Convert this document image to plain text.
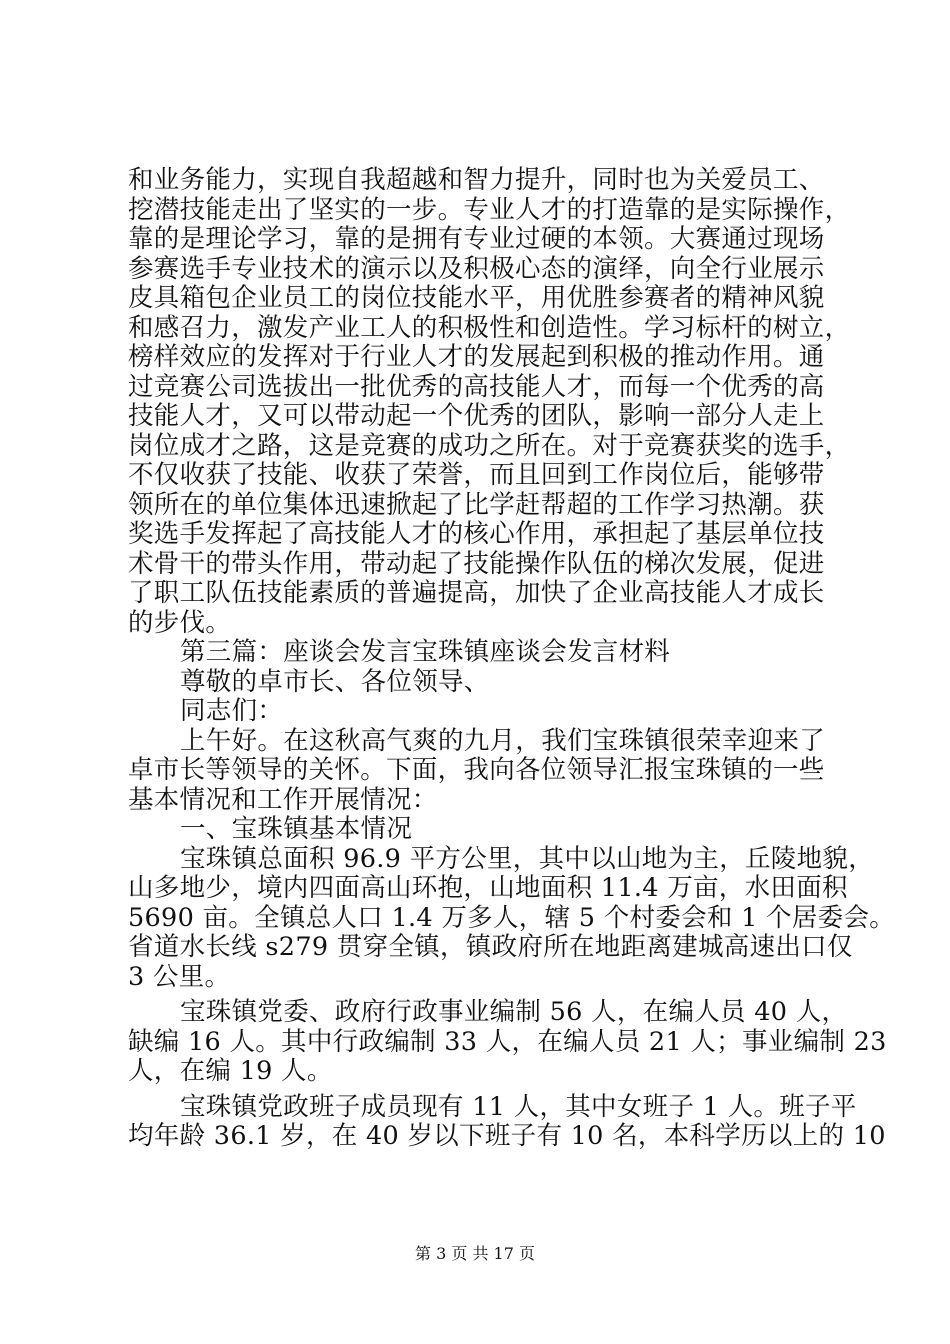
和业务能力，实现自我超越和智力提升，同时也为关爱员工、
挖潜技能走出了坚实的一步。专业人才的打造靠的是实际操作，
靠的是理论学习，靠的是拥有专业过硬的本领。大赛通过现场
参赛选手专业技术的演示以及积极心态的演绎，向全行业展示
皮具箱包企业员工的岗位技能水平，用优胜参赛者的精神风貌
和感召力，激发产业工人的积极性和创造性。学习标杆的树立，
榜样效应的发挥对于行业人才的发展起到积极的推动作用。通
过竞赛公司选拔出一批优秀的高技能人才，而每一个优秀的高
技能人才，又可以带动起一个优秀的团队，影响一部分人走上
岗位成才之路，这是竞赛的成功之所在。对于竞赛获奖的选手，
不仅收获了技能、收获了荣誉，而且回到工作岗位后，能够带
领所在的单位集体迅速掀起了比学赶帮超的工作学习热潮。获
奖选手发挥起了高技能人才的核心作用，承担起了基层单位技
术骨干的带头作用，带动起了技能操作队伍的梯次发展，促进
了职工队伍技能素质的普遍提高，加快了企业高技能人才成长
的步伐。
第三篇：座谈会发言宝珠镇座谈会发言材料
尊敬的卓市长、各位领导、
同志们：
上午好。在这秋高气爽的九月，我们宝珠镇很荣幸迎来了
卓市长等领导的关怀。下面，我向各位领导汇报宝珠镇的一些
基本情况和工作开展情况：
一、宝珠镇基本情况
宝珠镇总面积 96.9 平方公里，其中以山地为主，丘陵地貌，
山多地少，境内四面高山环抱，山地面积 11.4 万亩，水田面积
5690 亩。全镇总人口 1.4 万多人，辖 5 个村委会和 1 个居委会。
省道水长线 s279 贯穿全镇，镇政府所在地距离建城高速出口仅
3 公里。
宝珠镇党委、政府行政事业编制 56 人，在编人员 40 人，
缺编 16 人。其中行政编制 33 人，在编人员 21 人；事业编制 23
人，在编 19 人。
宝珠镇党政班子成员现有 11 人，其中女班子 1 人。班子平
均年龄 36.1 岁，在 40 岁以下班子有 10 名，本科学历以上的 10
第 3 页 共 17 页
